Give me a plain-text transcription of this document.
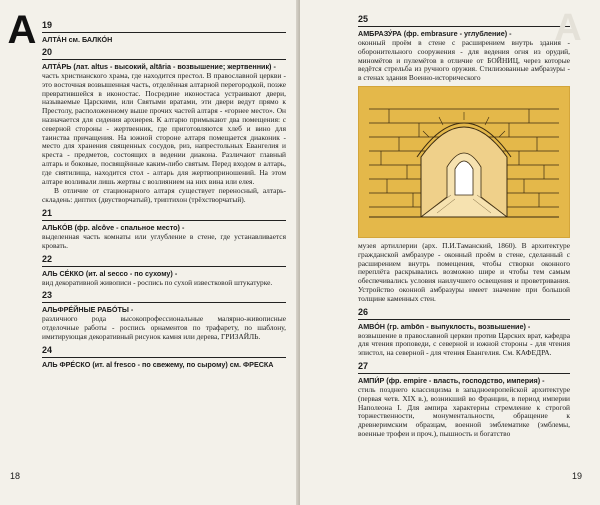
А 19
АЛТА́Н см. БАЛКО́Н
20
АЛТА́РЬ (лат. altus - высокий, altāria - возвышение; жертвенник) -

часть христианского храма, где находится престол. В православной церкви - это восточная возвышенная часть, отделённая алтарной перегородкой, позже превратившейся в иконостас. Посредине иконостаса устраивают двери, называемые Царскими, или Святыми вратами, эти двери ведут прямо к Престолу, расположенному выше прочих частей алтаря - «горнее место». Он назначается для сидения архиерея. К алтарю примыкают два помещения: с северной стороны - жертвенник, где приготовляются хлеб и вино для таинства причащения. На южной стороне алтаря помещается диаконик - место для хранения священных сосудов, риз, напрестольных Евангелия и креста - предметов, состоящих в ведении диакона. Различают главный алтарь и боковые, посвящённые каким-либо святым. Перед входом в алтарь, где святилища, находится стол - алтарь для жертвоприношений. На этом алтаре возливали лишь жертвы с возлиянием на них вина или елея.

В отличие от стационарного алтаря существует переносный, алтарь-складень: диптих (двустворчатый), триптихон (трёхстворчатый).

21
АЛЬКО́В (фр. alcôve - спальное место) -

выделенная часть комнаты или углубление в стене, где устанавливается кровать.

22
АЛЬ СЕ́ККО (ит. al secco - по сухому) -

вид декоративной живописи - роспись по сухой известковой штукатурке.

23
АЛЬФРЕ́ЙНЫЕ РАБО́ТЫ -

различного рода высокопрофессиональные малярно-живописные отделочные работы - роспись орнаментов по трафарету, по шаблону, имитирующая декоративный рисунок камня или дерева, ГРИЗАЙЛЬ.

24
АЛЬ ФРЕ́СКО (ит. al fresco - по свежему, по сырому) см. ФРЕСКА
18
А
25
АМБРАЗУ́РА (фр. embrasure - углубление) -

оконный проём в стене с расширением внутрь здания - оборонительного сооружения - для ведения огня из орудий, миномётов и пулемётов в отличие от БОЙНИЦ, через которые ведётся стрельба из ручного оружия. Стилизованные амбразуры - в стенах здания Военно-исторического

музея артиллерии (арх. П.И.Таманский, 1860). В архитектуре гражданской амбразуре - оконный проём в стене, сделанный с расширением внутрь помещения, чтобы створки оконного переплёта раскрывались возможно шире и чтобы тем самым обеспечивались условия наилучшего освещения и проветривания. Устройство оконной амбразуры имеет значение при большой толщине каменных стен.

26
АМВО́Н (гр. ambōn - выпуклость, возвышение) -

возвышение в православной церкви против Царских врат, кафедра для чтения проповеди, с северной и южной стороны - для чтения эпистол, на северной - для чтения Евангелия. См. КАФЕДРА.

27
АМПИ́Р (фр. empire - власть, господство, империя) -

стиль позднего классицизма в западноевропейской архитектуре (первая четв. XIX в.), возникший во Франции, в период империи Наполеона I. Для ампира характерны стремление к строгой торжественности, монументальности, обращение к древнеримским образцам, военной эмблематике (эмблемы, военные трофеи и проч.), пышность и богатство

19
